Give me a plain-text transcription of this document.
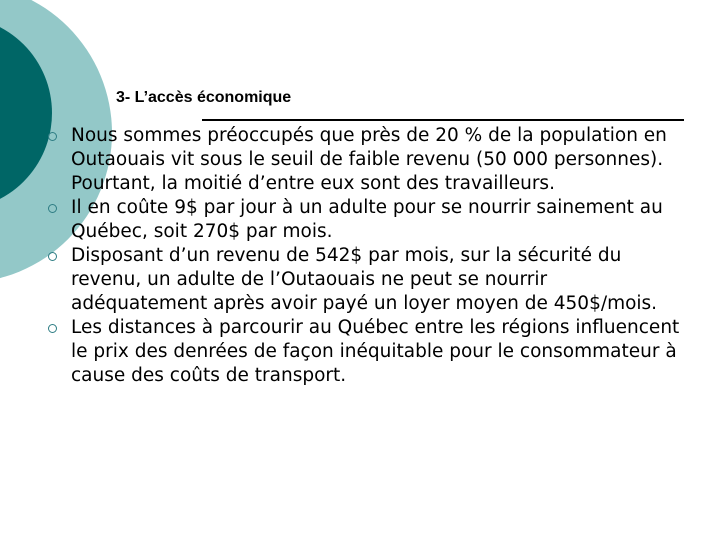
3- L’accès économique
Nous sommes préoccupés que près de 20 % de la population en Outaouais vit sous le seuil de faible revenu (50 000 personnes). Pourtant, la moitié d’entre eux sont des travailleurs.
Il en coûte 9$ par jour à un adulte pour se nourrir sainement au Québec, soit 270$ par mois.
Disposant d’un revenu de 542$ par mois, sur la sécurité du revenu, un adulte de l’Outaouais ne peut se nourrir adéquatement après avoir payé un loyer moyen de 450$/mois.
Les distances à parcourir au Québec entre les régions influencent le prix des denrées de façon inéquitable pour le consommateur à cause des coûts de transport.
